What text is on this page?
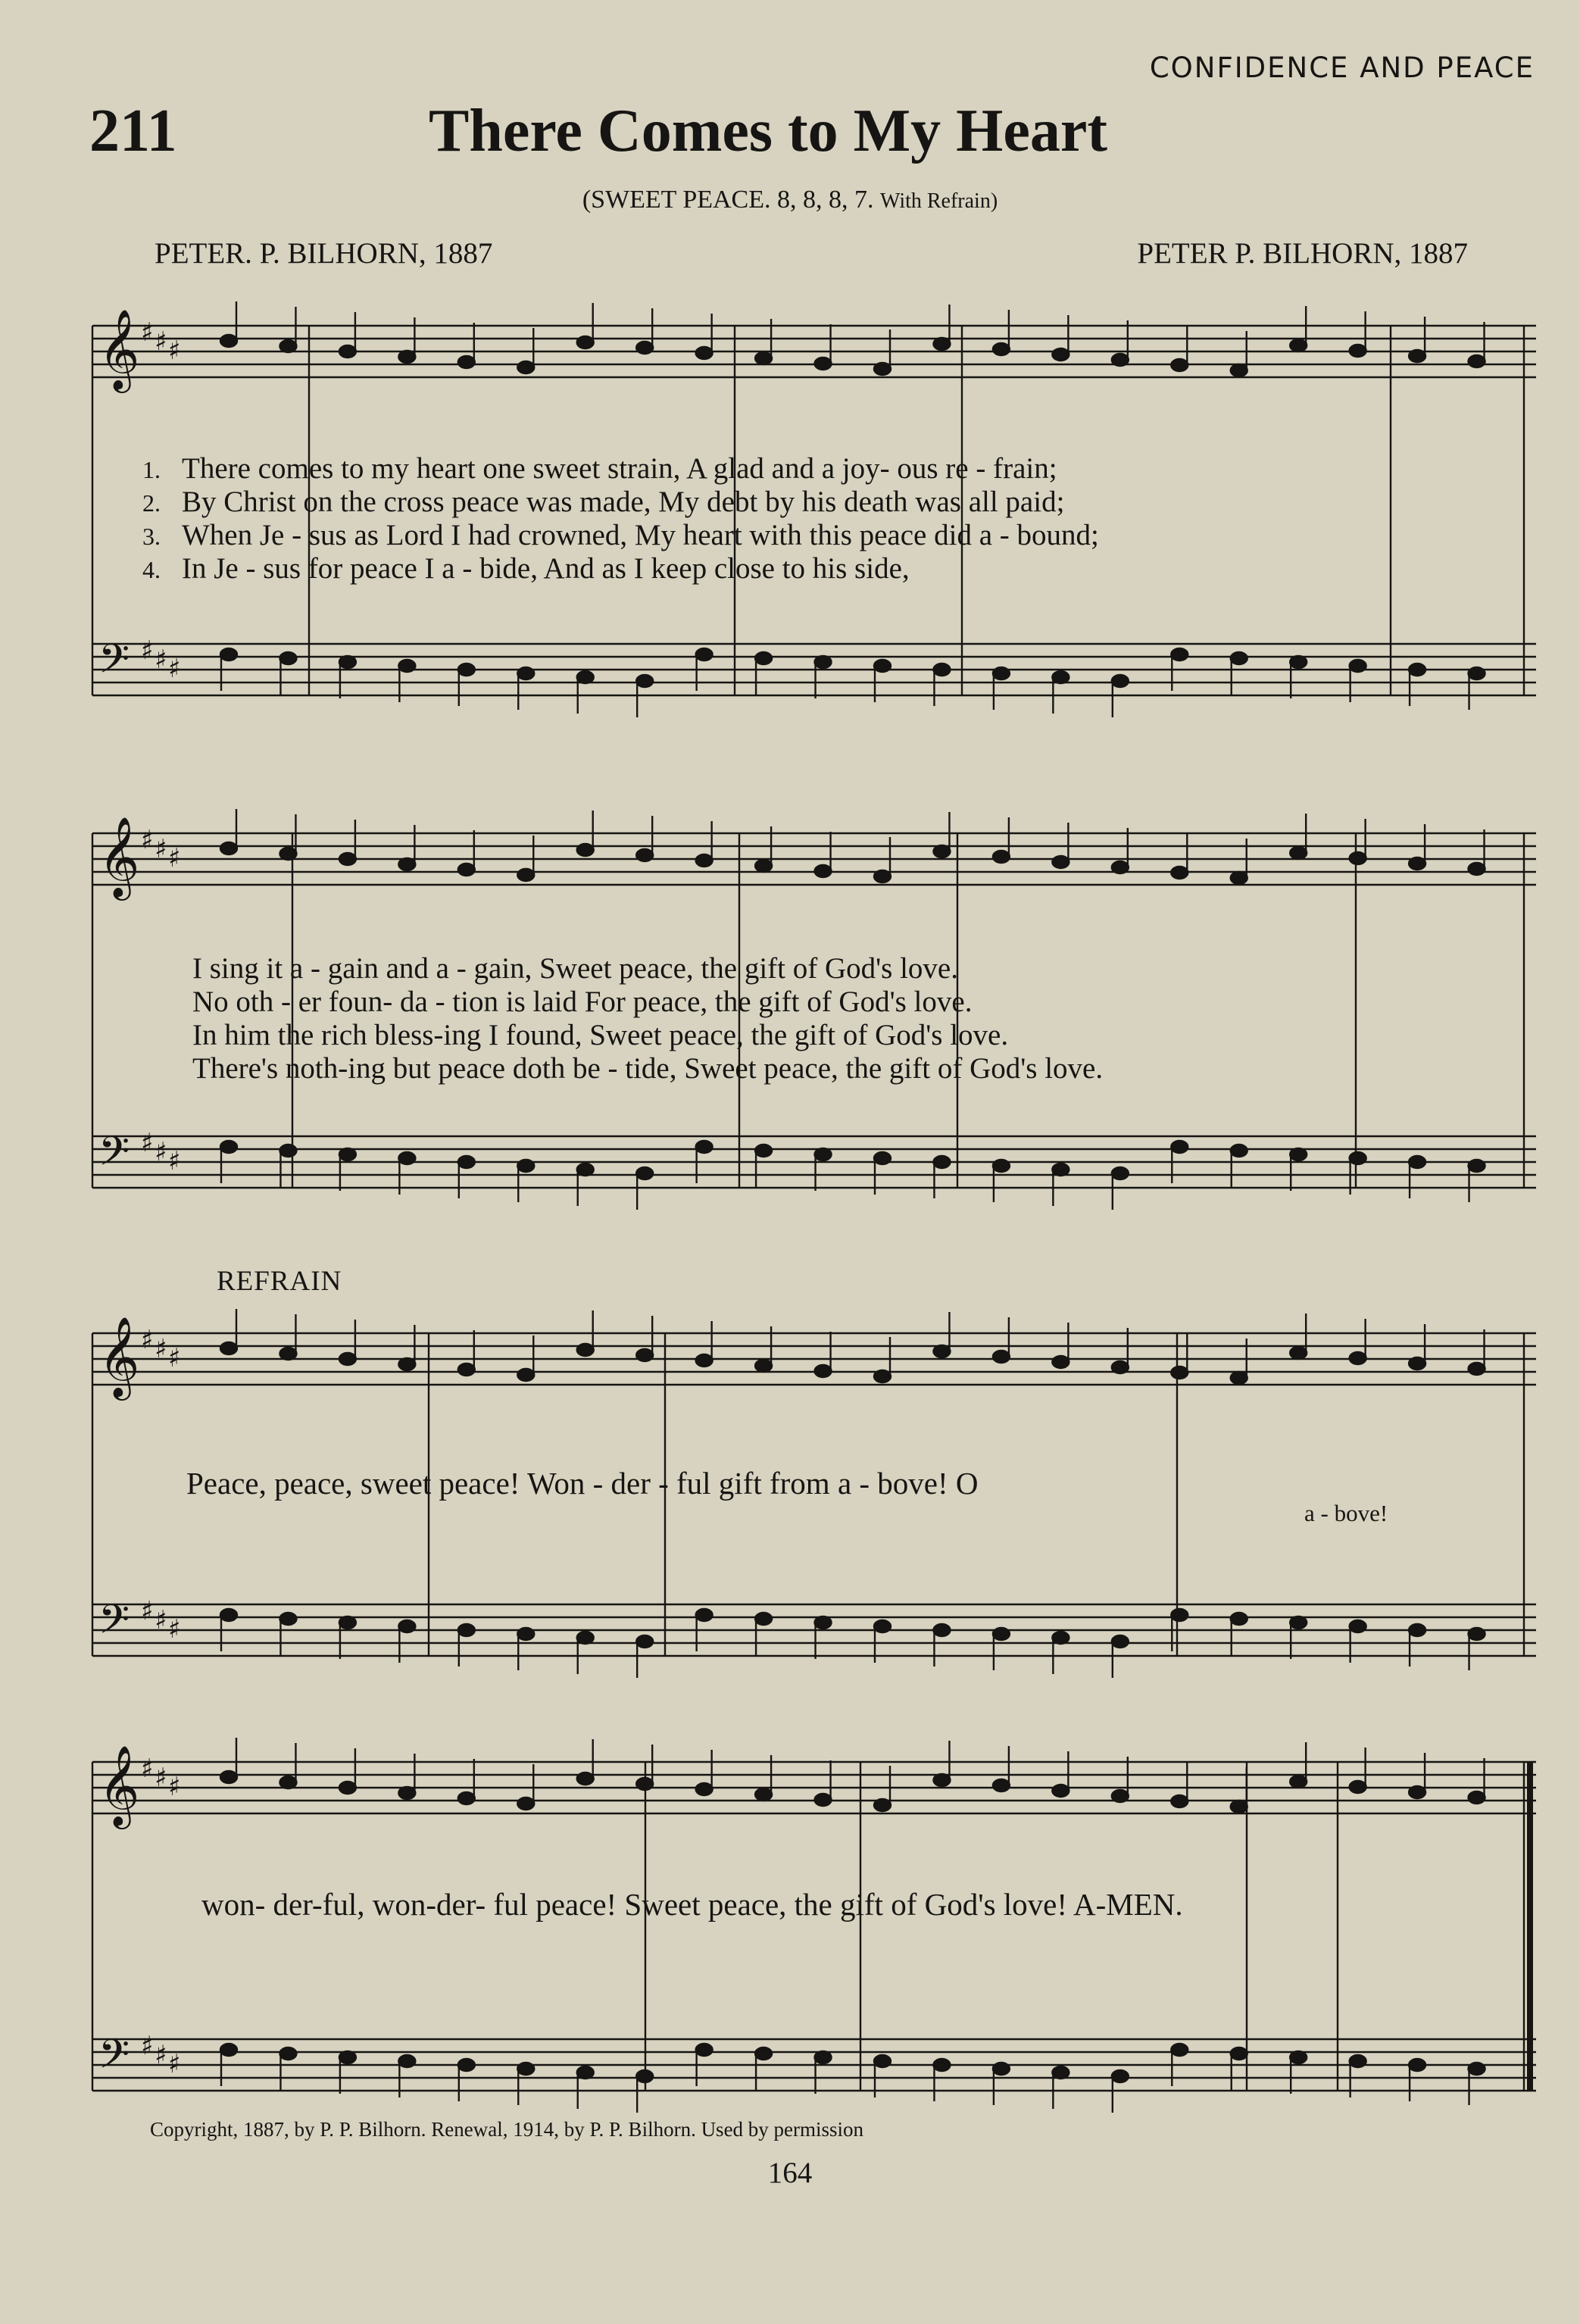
CONFIDENCE AND PEACE
211	There Comes to My Heart
(SWEET PEACE. 8, 8, 8, 7. With Refrain)
PETER. P. BILHORN, 1887	PETER P. BILHORN, 1887
𝄞 ♯ ♯ ♯
𝄢 ♯ ♯ ♯
𝄞 ♯ ♯ ♯
𝄢 ♯ ♯ ♯
𝄞 ♯ ♯ ♯
𝄢 ♯ ♯ ♯
𝄞 ♯ ♯ ♯
𝄢 ♯ ♯ ♯
1. There comes to my heart one sweet strain, A glad and a joy- ous re - frain;
2. By Christ on the cross peace was made, My debt by his death was all paid;
3. When Je - sus as Lord I had crowned, My heart with this peace did a - bound;
4. In Je - sus for peace I a - bide, And as I keep close to his side,
I sing it a - gain and a - gain, Sweet peace, the gift of God's love.
No oth - er foun- da - tion is laid For peace, the gift of God's love.
In him the rich bless-ing I found, Sweet peace, the gift of God's love.
There's noth-ing but peace doth be - tide, Sweet peace, the gift of God's love.
REFRAIN
Peace, peace, sweet peace! Won - der - ful gift from a - bove! O
a - bove!
won- der-ful, won-der- ful peace! Sweet peace, the gift of God's love! A-MEN.
Copyright, 1887, by P. P. Bilhorn. Renewal, 1914, by P. P. Bilhorn. Used by permission
164
